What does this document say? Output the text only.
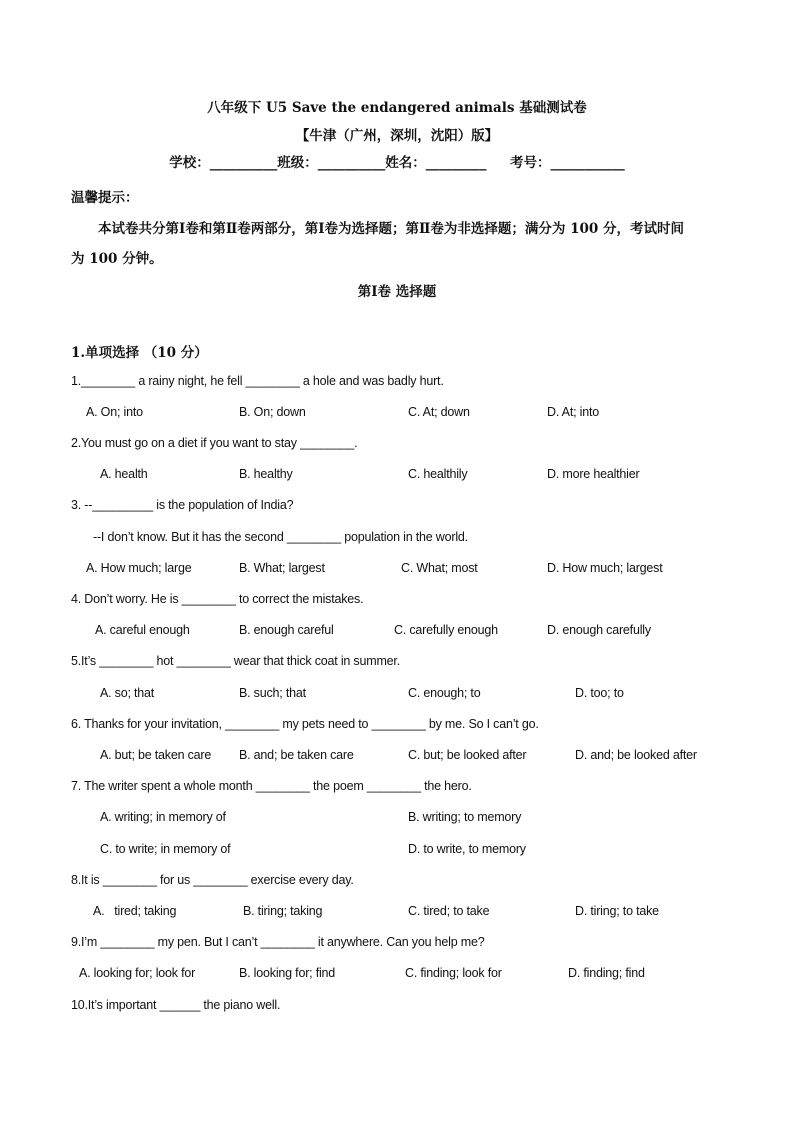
八年级下 U5 Save the endangered animals 基础测试卷
【牛津（广州，深圳，沈阳）版】
学校：__________班级：__________姓名：_________     考号：___________
温馨提示：
本试卷共分第Ⅰ卷和第Ⅱ卷两部分，第Ⅰ卷为选择题；第Ⅱ卷为非选择题；满分为 100 分，考试时间
为 100 分钟。
第Ⅰ卷 选择题
1.单项选择 （10 分）
1.________ a rainy night, he fell ________ a hole and was badly hurt.
A. On; into	B. On; down	C. At; down	D. At; into
2.You must go on a diet if you want to stay ________.
A. health	B. healthy	C. healthily	D. more healthier
3. --_________ is the population of India?
--I don’t know. But it has the second ________ population in the world.
A. How much; large	B. What; largest	C. What; most	D. How much; largest
4. Don’t worry. He is ________ to correct the mistakes.
A. careful enough	B. enough careful	C. carefully enough	D. enough carefully
5.It’s ________ hot ________ wear that thick coat in summer.
A. so; that	B. such; that	C. enough; to	D. too; to
6. Thanks for your invitation, ________ my pets need to ________ by me. So I can’t go.
A. but; be taken care B. and; be taken care	C. but; be looked after	D. and; be looked after
7. The writer spent a whole month ________ the poem ________ the hero.
A. writing; in memory of	B. writing; to memory
C. to write; in memory of	D. to write, to memory
8.It is ________ for us ________ exercise every day.
A.   tired; taking	B. tiring; taking	C. tired; to take	D. tiring; to take
9.I’m ________ my pen. But I can’t ________ it anywhere. Can you help me?
A. looking for; look for	B. looking for; find	C. finding; look for	D. finding; find
10.It’s important ______ the piano well.
